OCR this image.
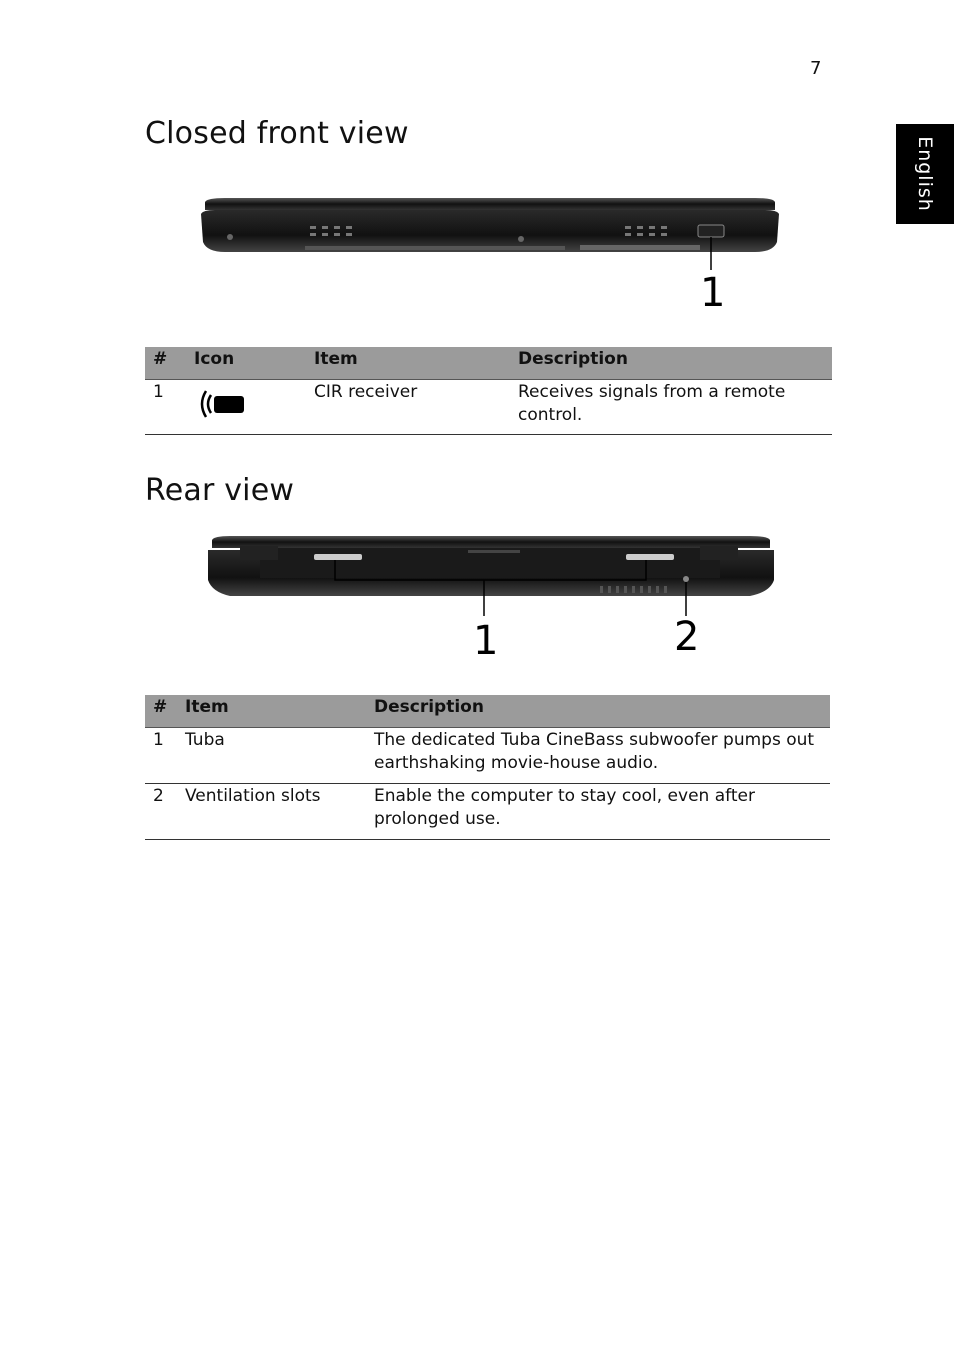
7
English
Closed front view
1
#	Icon	Item	Description
1		CIR receiver	Receives signals from a remote control.
Rear view
1	2
#	Item	Description
1	Tuba	The dedicated Tuba CineBass subwoofer pumps out earthshaking movie-house audio.
2	Ventilation slots	Enable the computer to stay cool, even after prolonged use.
